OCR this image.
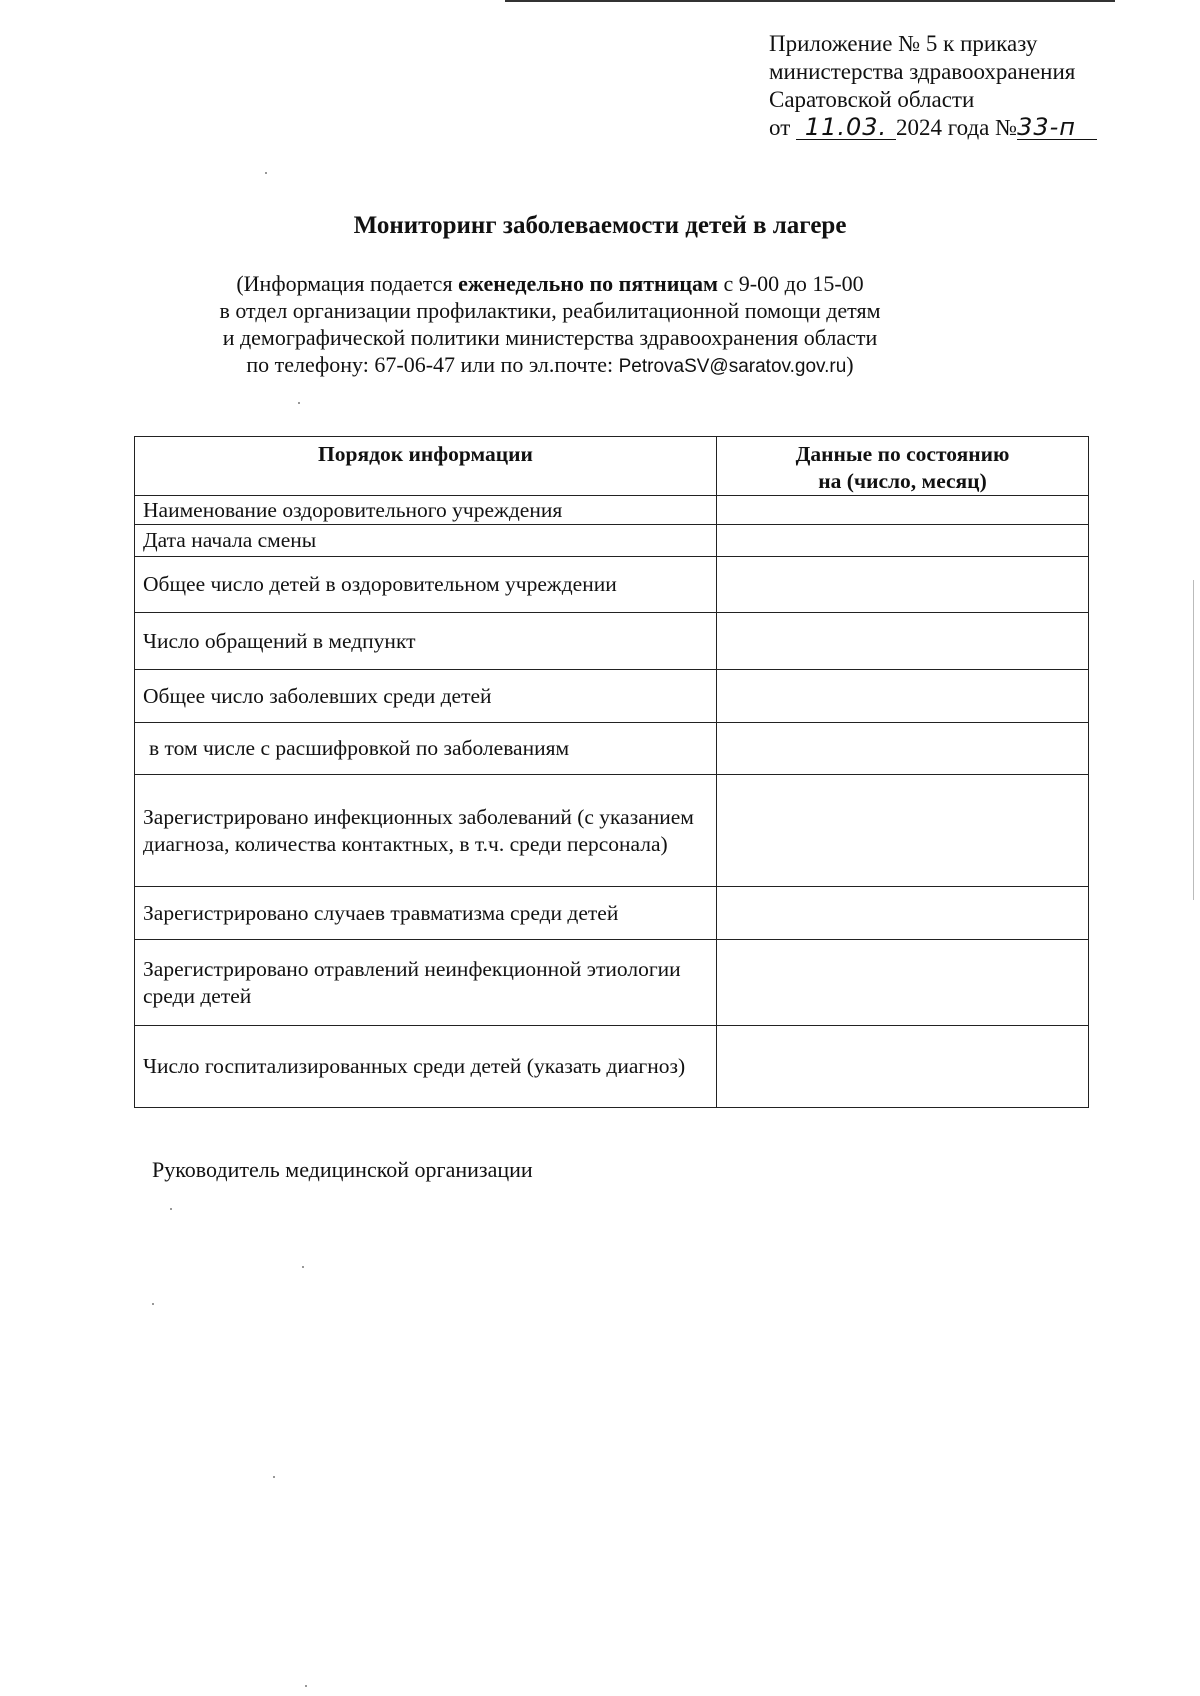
Приложение № 5 к приказу
министерства здравоохранения
Саратовской области
от 11.03. 2024 года №33-п
Мониторинг заболеваемости детей в лагере
(Информация подается еженедельно по пятницам с 9-00 до 15-00
в отдел организации профилактики, реабилитационной помощи детям
и демографической политики министерства здравоохранения области
по телефону: 67-06-47 или по эл.почте: PetrovaSV@saratov.gov.ru)
Порядок информации	Данные по состоянию
на (число, месяц)

Наименование оздоровительного учреждения	
Дата начала смены	
Общее число детей в оздоровительном учреждении	
Число обращений в медпункт	
Общее число заболевших среди детей	
в том числе с расшифровкой по заболеваниям	
Зарегистрировано инфекционных заболеваний (с указанием диагноза, количества контактных, в т.ч. среди персонала)	
Зарегистрировано случаев травматизма среди детей	
Зарегистрировано отравлений неинфекционной этиологии среди детей	
Число госпитализированных среди детей (указать диагноз)	
Руководитель медицинской организации
